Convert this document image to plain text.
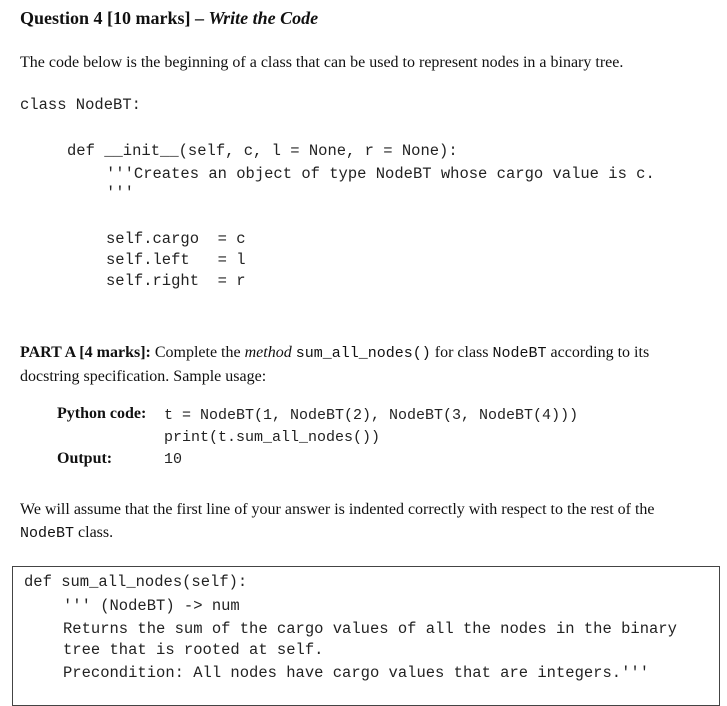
Question 4 [10 marks] – Write the Code
The code below is the beginning of a class that can be used to represent nodes in a binary tree.
class NodeBT:
def __init__(self, c, l = None, r = None):
'''Creates an object of type NodeBT whose cargo value is c.
'''
self.cargo  = c
self.left   = l
self.right  = r
PART A [4 marks]: Complete the method sum_all_nodes() for class NodeBT according to its docstring specification. Sample usage:
Python code: t = NodeBT(1, NodeBT(2), NodeBT(3, NodeBT(4)))
print(t.sum_all_nodes())
Output:	10
We will assume that the first line of your answer is indented correctly with respect to the rest of the NodeBT class.
def sum_all_nodes(self):
''' (NodeBT) -> num
Returns the sum of the cargo values of all the nodes in the binary
tree that is rooted at self.
Precondition: All nodes have cargo values that are integers.'''
